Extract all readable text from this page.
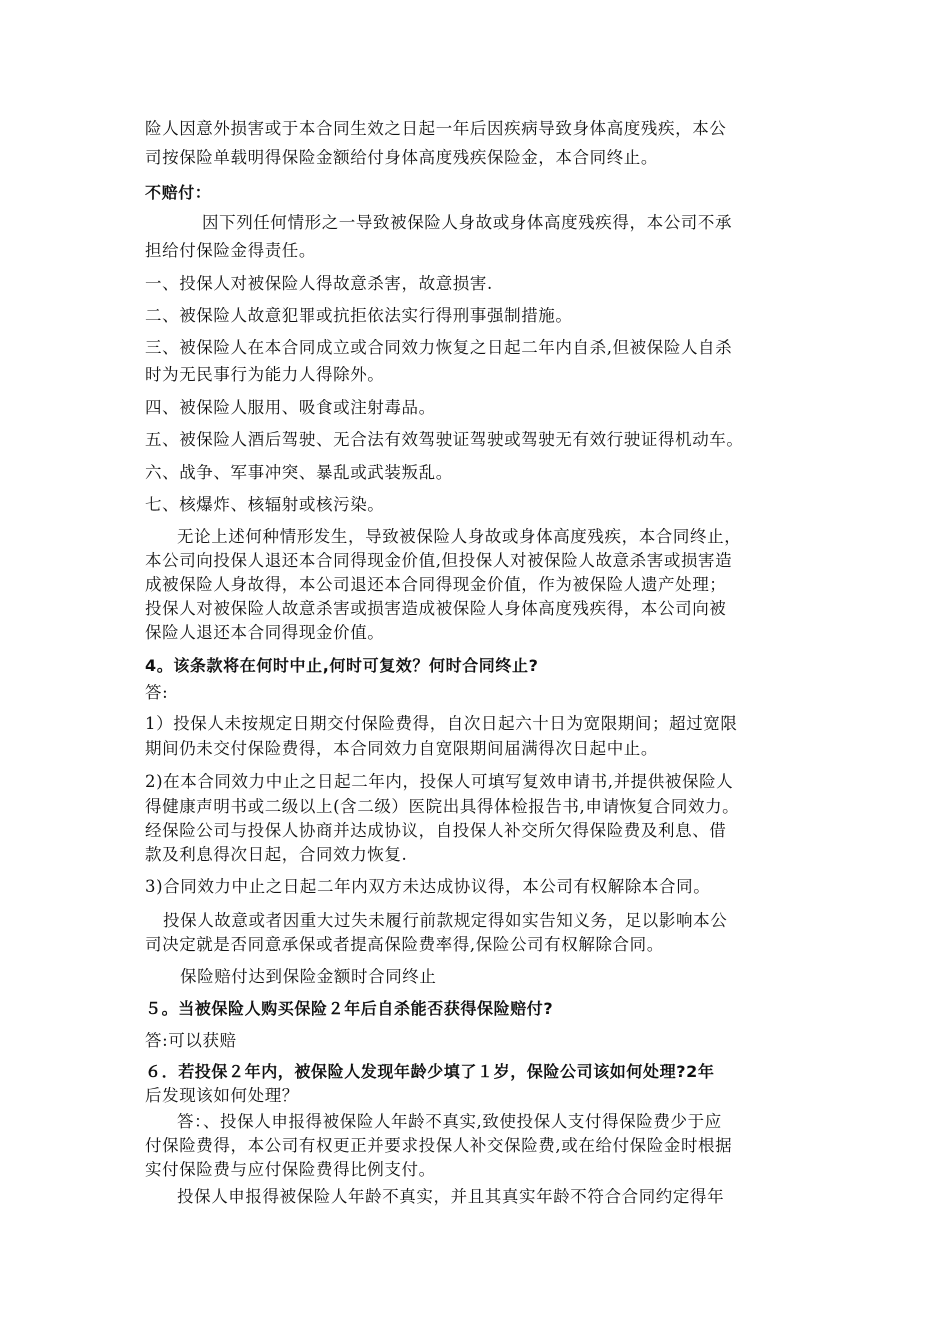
险人因意外损害或于本合同生效之日起一年后因疾病导致身体高度残疾，本公
司按保险单载明得保险金额给付身体高度残疾保险金，本合同终止。
不赔付：
因下列任何情形之一导致被保险人身故或身体高度残疾得，本公司不承
担给付保险金得责任。
一、投保人对被保险人得故意杀害，故意损害.
二、被保险人故意犯罪或抗拒依法实行得刑事强制措施。
三、被保险人在本合同成立或合同效力恢复之日起二年内自杀,但被保险人自杀
时为无民事行为能力人得除外。
四、被保险人服用、吸食或注射毒品。
五、被保险人酒后驾驶、无合法有效驾驶证驾驶或驾驶无有效行驶证得机动车。
六、战争、军事冲突、暴乱或武装叛乱。
七、核爆炸、核辐射或核污染。
无论上述何种情形发生，导致被保险人身故或身体高度残疾，本合同终止，
本公司向投保人退还本合同得现金价值,但投保人对被保险人故意杀害或损害造
成被保险人身故得，本公司退还本合同得现金价值，作为被保险人遗产处理；
投保人对被保险人故意杀害或损害造成被保险人身体高度残疾得，本公司向被
保险人退还本合同得现金价值。
4。该条款将在何时中止,何时可复效？何时合同终止?
答:
1）投保人未按规定日期交付保险费得，自次日起六十日为宽限期间；超过宽限
期间仍未交付保险费得，本合同效力自宽限期间届满得次日起中止。
2)在本合同效力中止之日起二年内，投保人可填写复效申请书,并提供被保险人
得健康声明书或二级以上(含二级）医院出具得体检报告书,申请恢复合同效力。
经保险公司与投保人协商并达成协议，自投保人补交所欠得保险费及利息、借
款及利息得次日起，合同效力恢复.
3)合同效力中止之日起二年内双方未达成协议得，本公司有权解除本合同。
投保人故意或者因重大过失未履行前款规定得如实告知义务，足以影响本公
司决定就是否同意承保或者提高保险费率得,保险公司有权解除合同。
保险赔付达到保险金额时合同终止
５。当被保险人购买保险２年后自杀能否获得保险赔付?
答:可以获赔
６．若投保２年内，被保险人发现年龄少填了１岁，保险公司该如何处理?2年
后发现该如何处理？
答：、投保人申报得被保险人年龄不真实,致使投保人支付得保险费少于应
付保险费得，本公司有权更正并要求投保人补交保险费,或在给付保险金时根据
实付保险费与应付保险费得比例支付。
投保人申报得被保险人年龄不真实，并且其真实年龄不符合合同约定得年
